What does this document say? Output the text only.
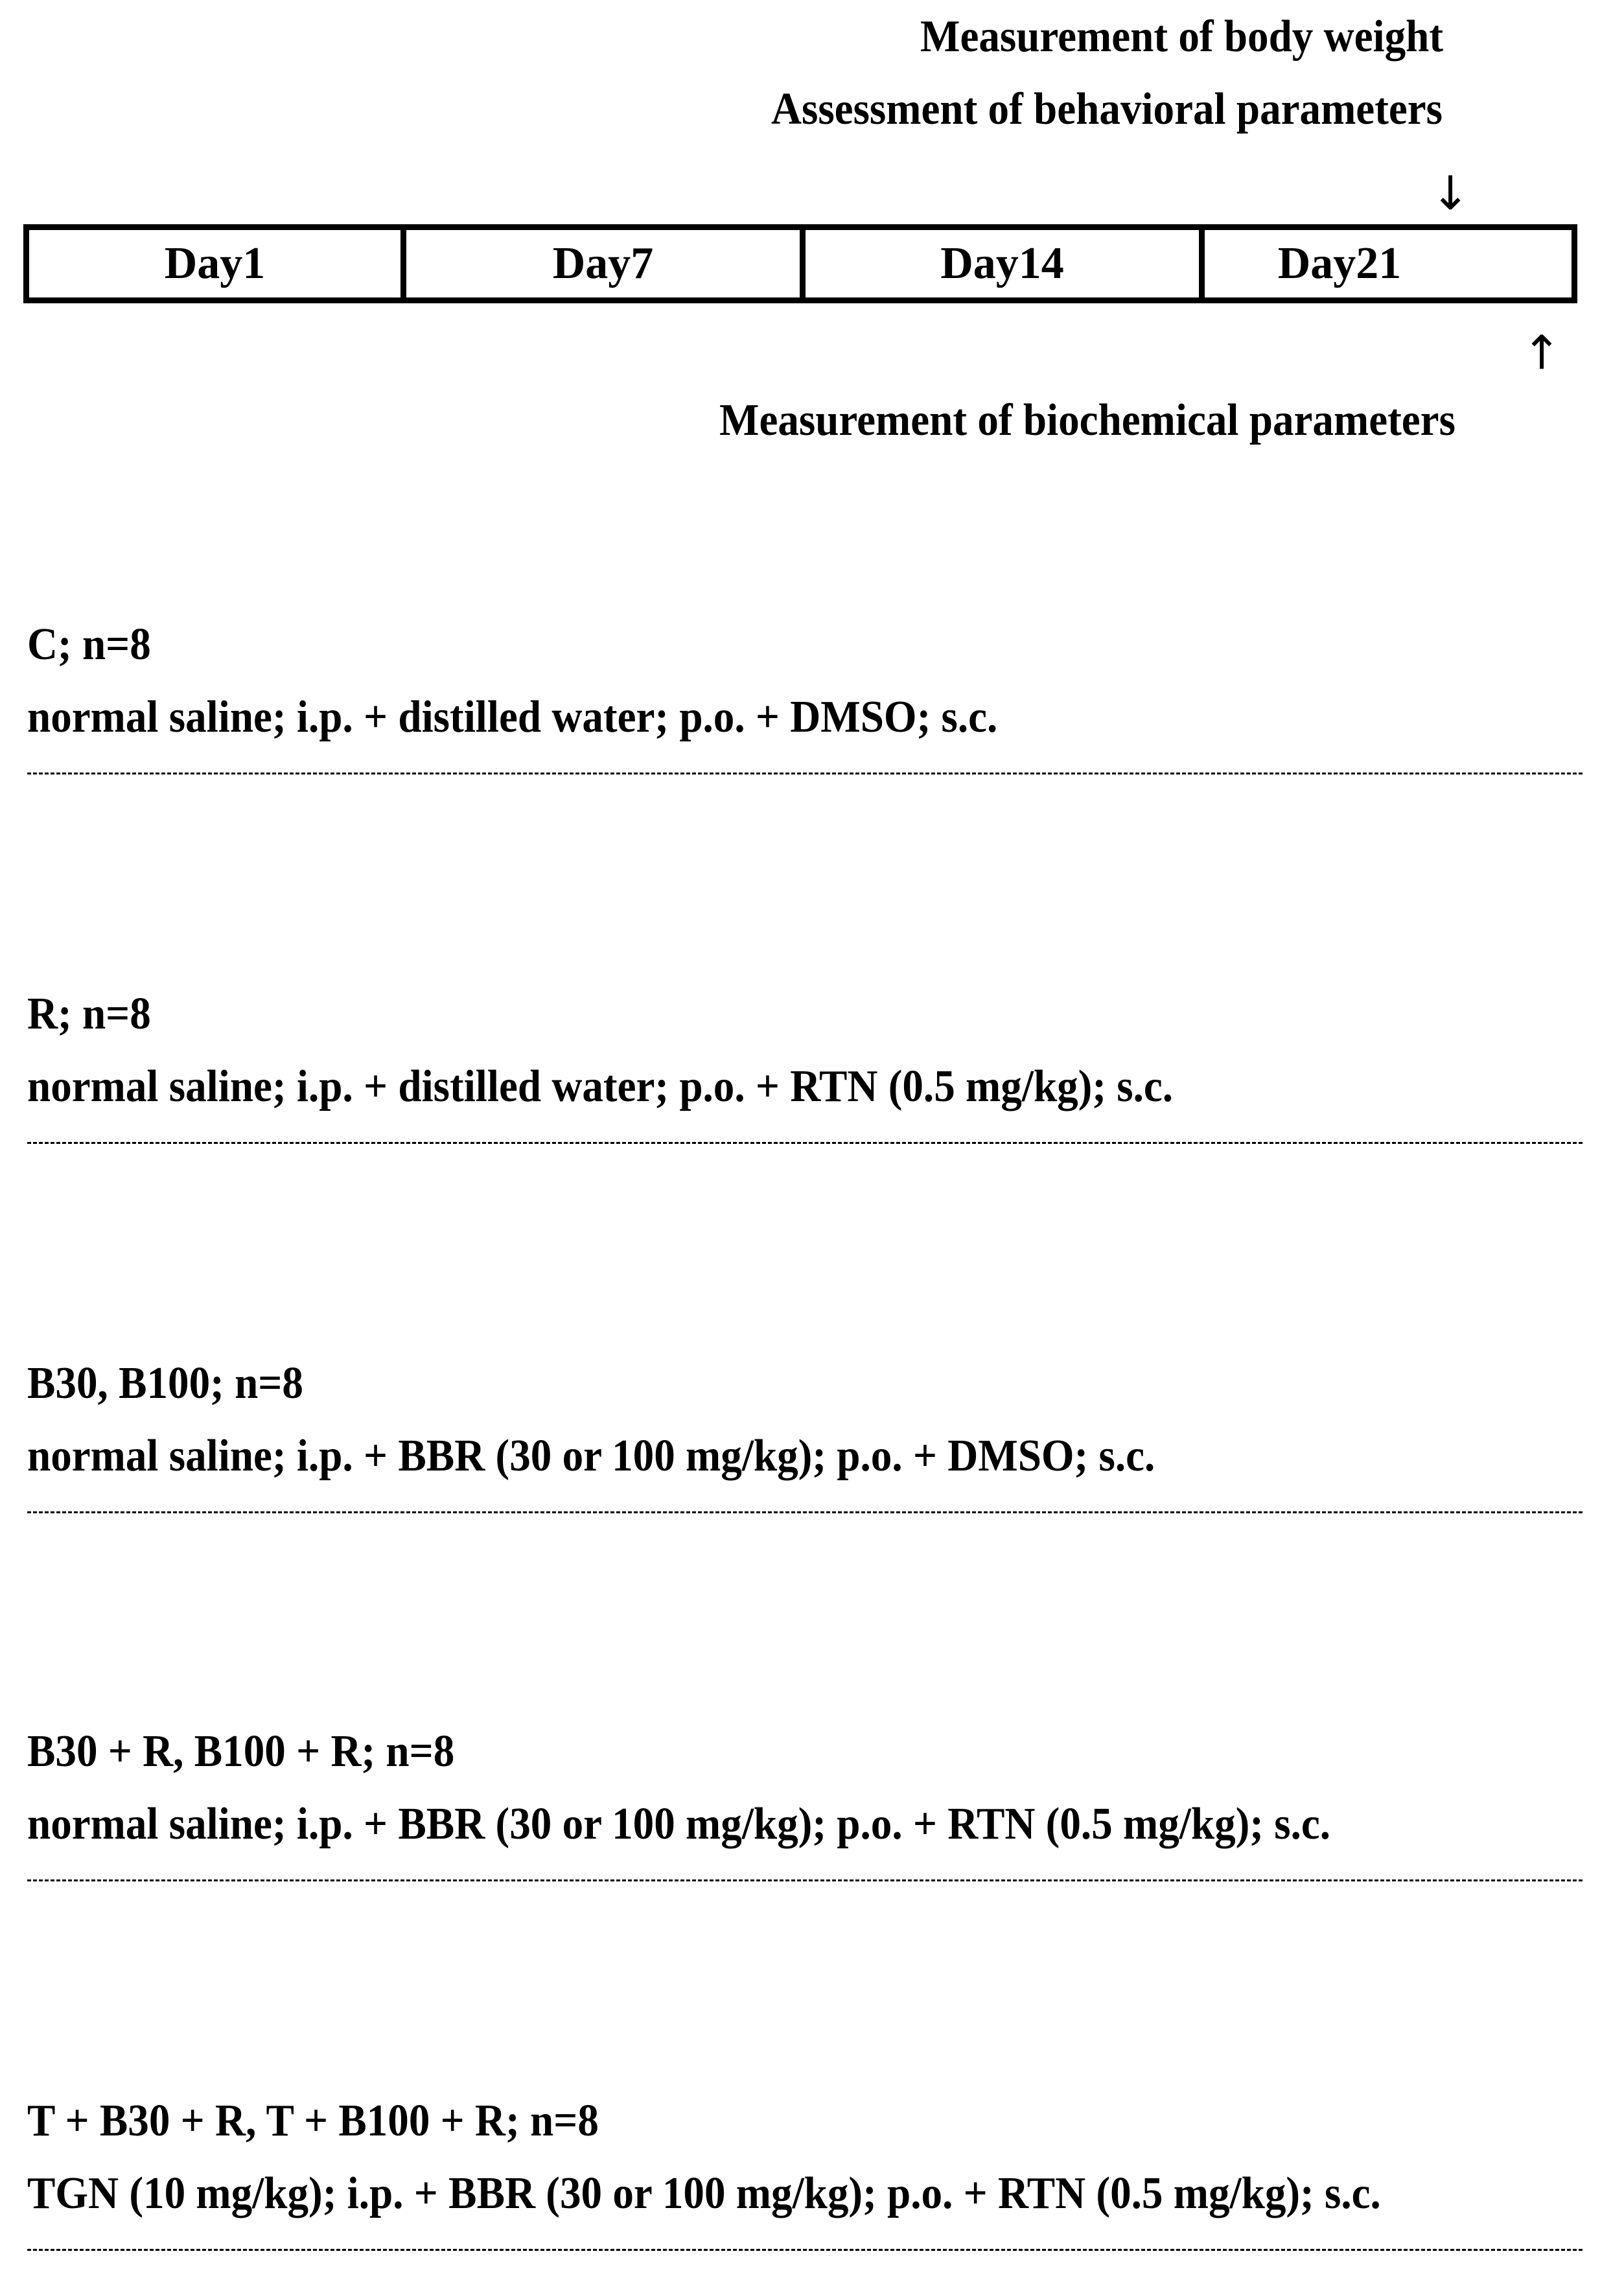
Measurement of body weight
Assessment of behavioral parameters
↓
Day1	Day7	Day14	Day21
↑
Measurement of biochemical parameters
C; n=8
normal saline; i.p. + distilled water; p.o. + DMSO; s.c.
R; n=8
normal saline; i.p. + distilled water; p.o. + RTN (0.5 mg/kg); s.c.
B30, B100; n=8
normal saline; i.p. + BBR (30 or 100 mg/kg); p.o. + DMSO; s.c.
B30 + R, B100 + R; n=8
normal saline; i.p. + BBR (30 or 100 mg/kg); p.o. + RTN (0.5 mg/kg); s.c.
T + B30 + R, T + B100 + R; n=8
TGN (10 mg/kg); i.p. + BBR (30 or 100 mg/kg); p.o. + RTN (0.5 mg/kg); s.c.
